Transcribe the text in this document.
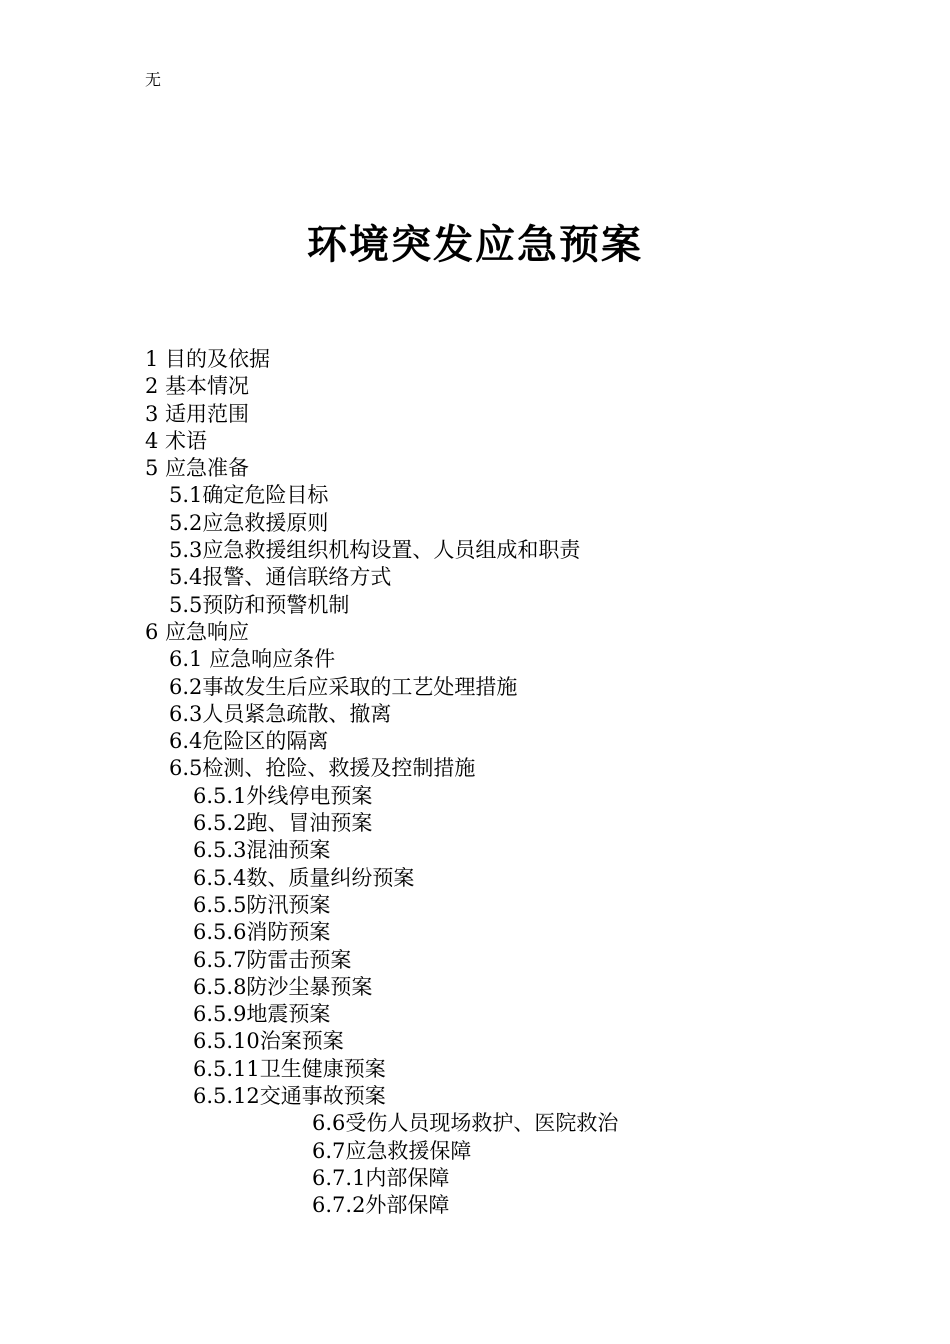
无
环境突发应急预案
1 目的及依据
2 基本情况
3 适用范围
4 术语
5 应急准备
5.1确定危险目标
5.2应急救援原则
5.3应急救援组织机构设置、人员组成和职责
5.4报警、通信联络方式
5.5预防和预警机制
6 应急响应
6.1 应急响应条件
6.2事故发生后应采取的工艺处理措施
6.3人员紧急疏散、撤离
6.4危险区的隔离
6.5检测、抢险、救援及控制措施
6.5.1外线停电预案
6.5.2跑、冒油预案
6.5.3混油预案
6.5.4数、质量纠纷预案
6.5.5防汛预案
6.5.6消防预案
6.5.7防雷击预案
6.5.8防沙尘暴预案
6.5.9地震预案
6.5.10治案预案
6.5.11卫生健康预案
6.5.12交通事故预案
6.6受伤人员现场救护、医院救治
6.7应急救援保障
6.7.1内部保障
6.7.2外部保障
